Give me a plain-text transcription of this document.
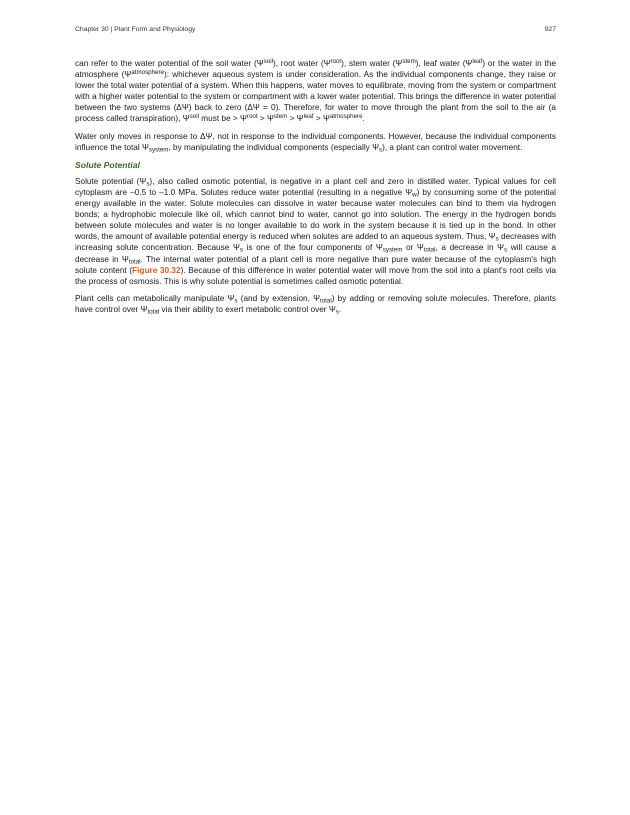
Chapter 30 | Plant Form and Physiology	927

can refer to the water potential of the soil water $(\Psi^{soil})$, root water $(\Psi^{root})$, stem water $(\Psi^{stem})$, leaf water $(\Psi^{leaf})$ or the water in the atmosphere $(\Psi^{atmosphere})$: whichever aqueous system is under consideration. As the individual components change, they raise or lower the total water potential of a system. When this happens, water moves to equilibrate, moving from the system or compartment with a higher water potential to the system or compartment with a lower water potential. This brings the difference in water potential between the two systems (ΔΨ) back to zero (ΔΨ = 0). Therefore, for water to move through the plant from the soil to the air (a process called transpiration), $\Psi^{soil}$ must be > $\Psi^{root} > \Psi^{stem} > \Psi^{leaf} > \Psi^{atmosphere}$.

Water only moves in response to ΔΨ, not in response to the individual components. However, because the individual components influence the total $\Psi_{system}$, by manipulating the individual components (especially $\Psi_s$), a plant can control water movement.

Solute Potential

Solute potential $(\Psi_s)$, also called osmotic potential, is negative in a plant cell and zero in distilled water. Typical values for cell cytoplasm are –0.5 to –1.0 MPa. Solutes reduce water potential (resulting in a negative $\Psi_w$) by consuming some of the potential energy available in the water. Solute molecules can dissolve in water because water molecules can bind to them via hydrogen bonds; a hydrophobic molecule like oil, which cannot bind to water, cannot go into solution. The energy in the hydrogen bonds between solute molecules and water is no longer available to do work in the system because it is tied up in the bond. In other words, the amount of available potential energy is reduced when solutes are added to an aqueous system. Thus, $\Psi_s$ decreases with increasing solute concentration. Because $\Psi_s$ is one of the four components of $\Psi_{system}$ or $\Psi_{total}$, a decrease in $\Psi_s$ will cause a decrease in $\Psi_{total}$. The internal water potential of a plant cell is more negative than pure water because of the cytoplasm's high solute content (Figure 30.32). Because of this difference in water potential water will move from the soil into a plant's root cells via the process of osmosis. This is why solute potential is sometimes called osmotic potential.

Plant cells can metabolically manipulate $\Psi_s$ (and by extension, $\Psi_{total}$) by adding or removing solute molecules. Therefore, plants have control over $\Psi_{total}$ via their ability to exert metabolic control over $\Psi_s$.
